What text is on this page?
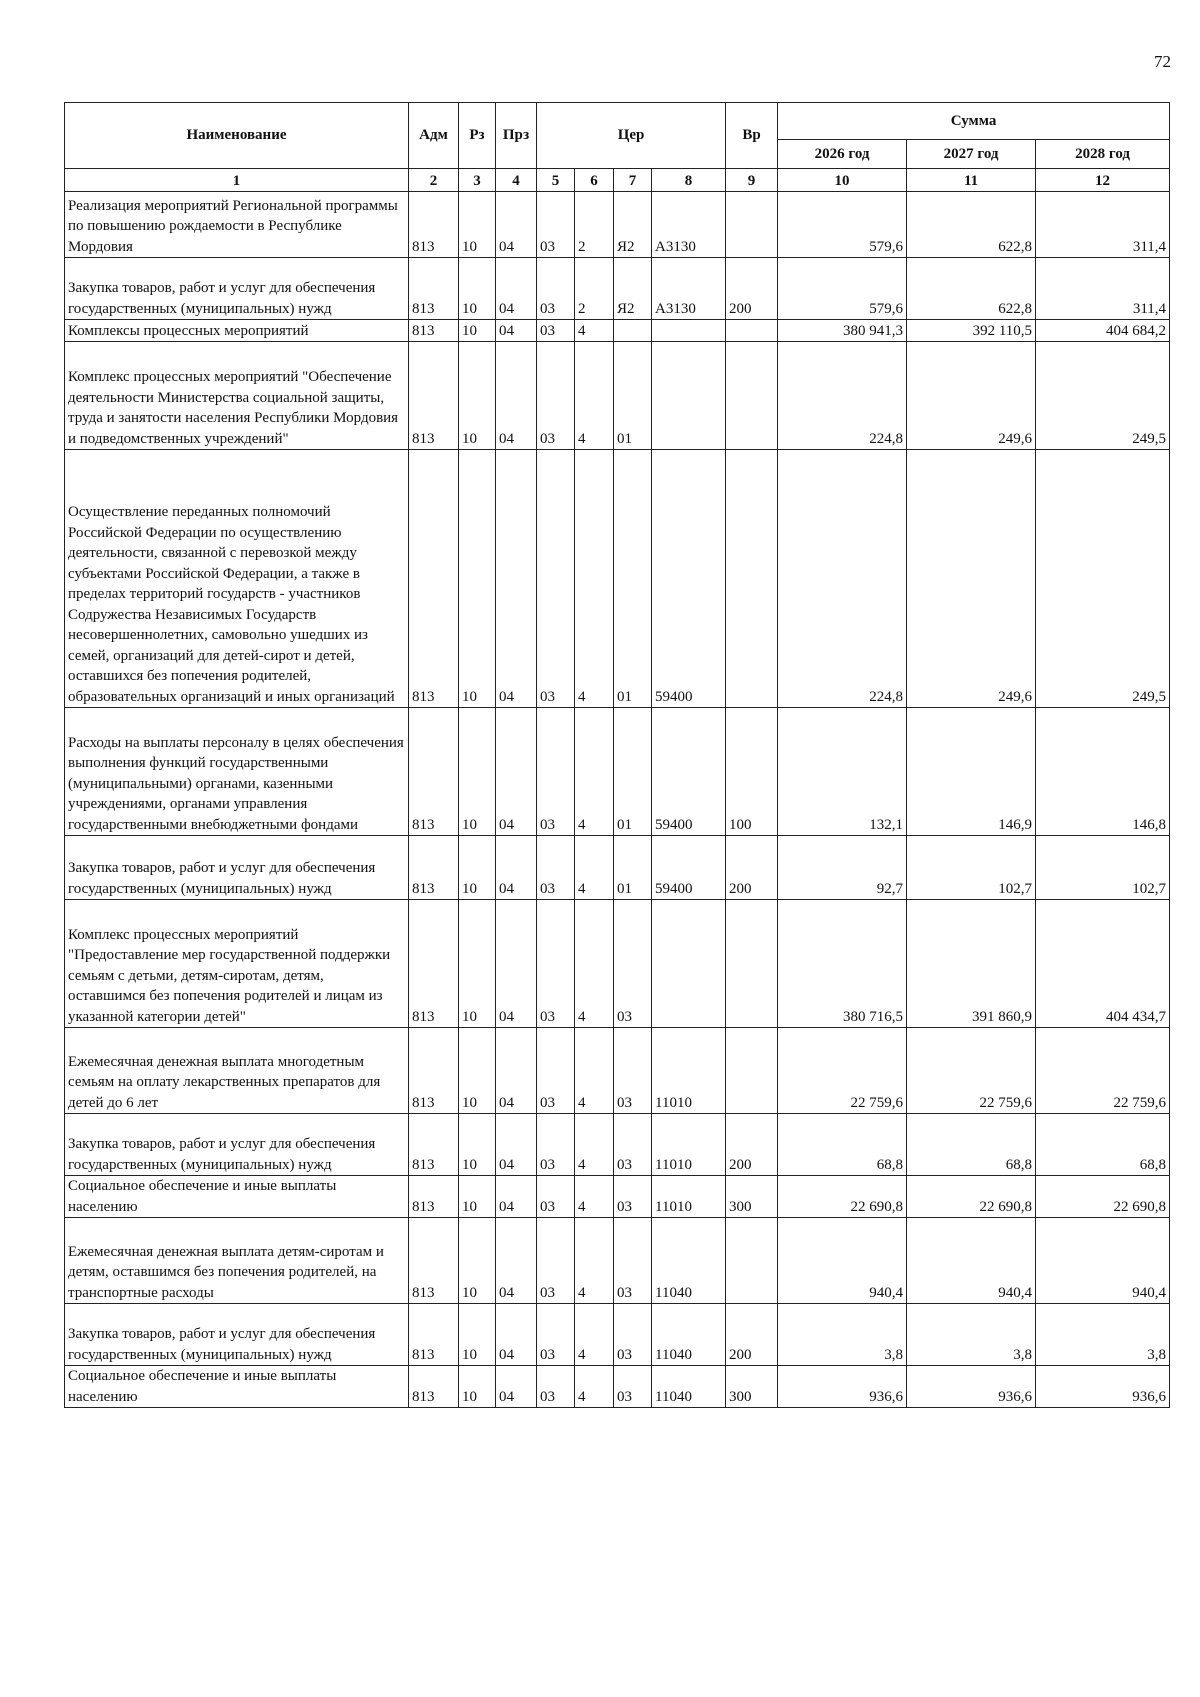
72
Наименование	Адм	Рз	Прз	Цер				Вр	Сумма		
									2026 год	2027 год	2028 год
1	2	3	4	5	6	7	8	9	10	11	12
Реализация мероприятий Региональной программы по повышению рождаемости в Республике Мордовия	813	10	04	03	2	Я2	А3130		579,6	622,8	311,4
Закупка товаров, работ и услуг для обеспечения государственных (муниципальных) нужд	813	10	04	03	2	Я2	А3130	200	579,6	622,8	311,4
Комплексы процессных мероприятий	813	10	04	03	4				380 941,3	392 110,5	404 684,2
Комплекс процессных мероприятий "Обеспечение деятельности Министерства социальной защиты, труда и занятости населения Республики Мордовия и подведомственных учреждений"	813	10	04	03	4	01			224,8	249,6	249,5
Осуществление переданных полномочий Российской Федерации по осуществлению деятельности, связанной с перевозкой между субъектами Российской Федерации, а также в пределах территорий государств - участников Содружества Независимых Государств несовершеннолетних, самовольно ушедших из семей, организаций для детей-сирот и детей, оставшихся без попечения родителей, образовательных организаций и иных организаций	813	10	04	03	4	01	59400		224,8	249,6	249,5
Расходы на выплаты персоналу в целях обеспечения выполнения функций государственными (муниципальными) органами, казенными учреждениями, органами управления государственными внебюджетными фондами	813	10	04	03	4	01	59400	100	132,1	146,9	146,8
Закупка товаров, работ и услуг для обеспечения государственных (муниципальных) нужд	813	10	04	03	4	01	59400	200	92,7	102,7	102,7
Комплекс процессных мероприятий "Предоставление мер государственной поддержки семьям с детьми, детям-сиротам, детям, оставшимся без попечения родителей и лицам из указанной категории детей"	813	10	04	03	4	03			380 716,5	391 860,9	404 434,7
Ежемесячная денежная выплата многодетным семьям на оплату лекарственных препаратов для детей до 6 лет	813	10	04	03	4	03	11010		22 759,6	22 759,6	22 759,6
Закупка товаров, работ и услуг для обеспечения государственных (муниципальных) нужд	813	10	04	03	4	03	11010	200	68,8	68,8	68,8
Социальное обеспечение и иные выплаты населению	813	10	04	03	4	03	11010	300	22 690,8	22 690,8	22 690,8
Ежемесячная денежная выплата детям-сиротам и детям, оставшимся без попечения родителей, на транспортные расходы	813	10	04	03	4	03	11040		940,4	940,4	940,4
Закупка товаров, работ и услуг для обеспечения государственных (муниципальных) нужд	813	10	04	03	4	03	11040	200	3,8	3,8	3,8
Социальное обеспечение и иные выплаты населению	813	10	04	03	4	03	11040	300	936,6	936,6	936,6
